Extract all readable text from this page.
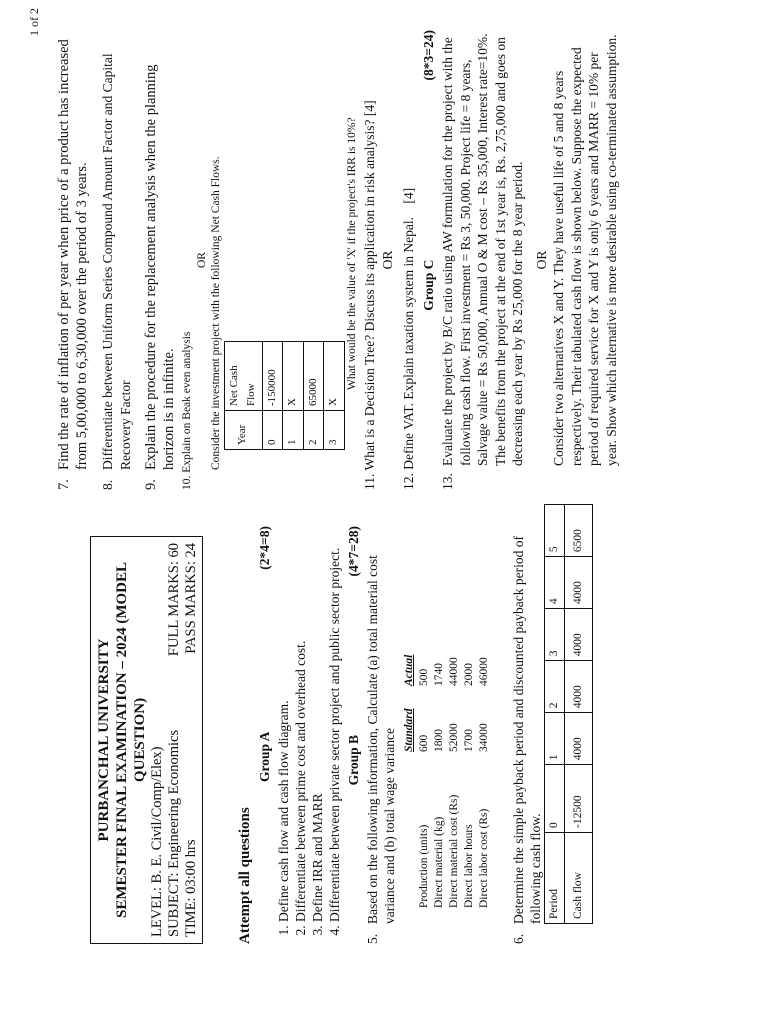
PURBANCHAL UNIVERSITY SEMESTER FINAL EXAMINATION – 2024 (MODEL QUESTION)
LEVEL: B. E. Civil/Comp/Elex) SUBJECT: Engineering Economics
FULL MARKS: 60
TIME: 03:00 hrs
PASS MARKS: 24
Attempt all questions
Group A
(2*4=8)
1. Define cash flow and cash flow diagram. 2. Differentiate between prime cost and overhead cost. 3. Define IRR and MARR 4. Differentiate between private sector project and public sector project. Group B
(4*7=28)
5.
Based on the following information, Calculate (a) total material cost variance and (b) total wage variance
	Standard	Actual
Production (units)	600	500
Direct material (kg)	1800	1740
Direct material cost (Rs)	52000	44000
Direct labor hours	1700	2000
Direct labor cost (Rs)	34000	46000
6.
Determine the simple payback period and discounted payback period of following cash flow. Period	0	1	2	3	4	5
Cash flow	-12500	4000	4000	4000	4000	6500
1 of 2
7.
Find the rate of inflation of per year when price of a product has increased from 5,00,000 to 6,30,000 over the period of 3 years.
8.
Differentiate between Uniform Series Compound Amount Factor and Capital Recovery Factor
9.
Explain the procedure for the replacement analysis when the planning horizon is in infinite.
10. Explain on Beak even analysis
OR Consider the investment project with the following Net Cash Flows. Year	Net Cash Flow
0	-150000
1	X
2	65000
3	X
What would be the value of 'X' if the project's IRR is 10%?
11. What is a Decision Tree? Discuss its application in risk analysis? [4] OR
12. Define VAT. Explain taxation system in Nepal. [4]
Group C
(8*3=24)
13.
Evaluate the project by B/C ratio using AW formulation for the project with the following cash flow. First investment = Rs 3, 50,000. Project life = 8 years, Salvage value = Rs 50,000, Annual O & M cost – Rs 35,000, Interest rate=10%. The benefits from the project at the end of 1st year is, Rs. 2,75,000 and goes on decreasing each year by Rs 25,000 for the 8 year period. OR Consider two alternatives X and Y. They have useful life of 5 and 8 years respectively. Their tabulated cash flow is shown below. Suppose the expected period of required service for X and Y is only 6 years and MARR = 10% per year. Show which alternative is more desirable using co-terminated assumption.
